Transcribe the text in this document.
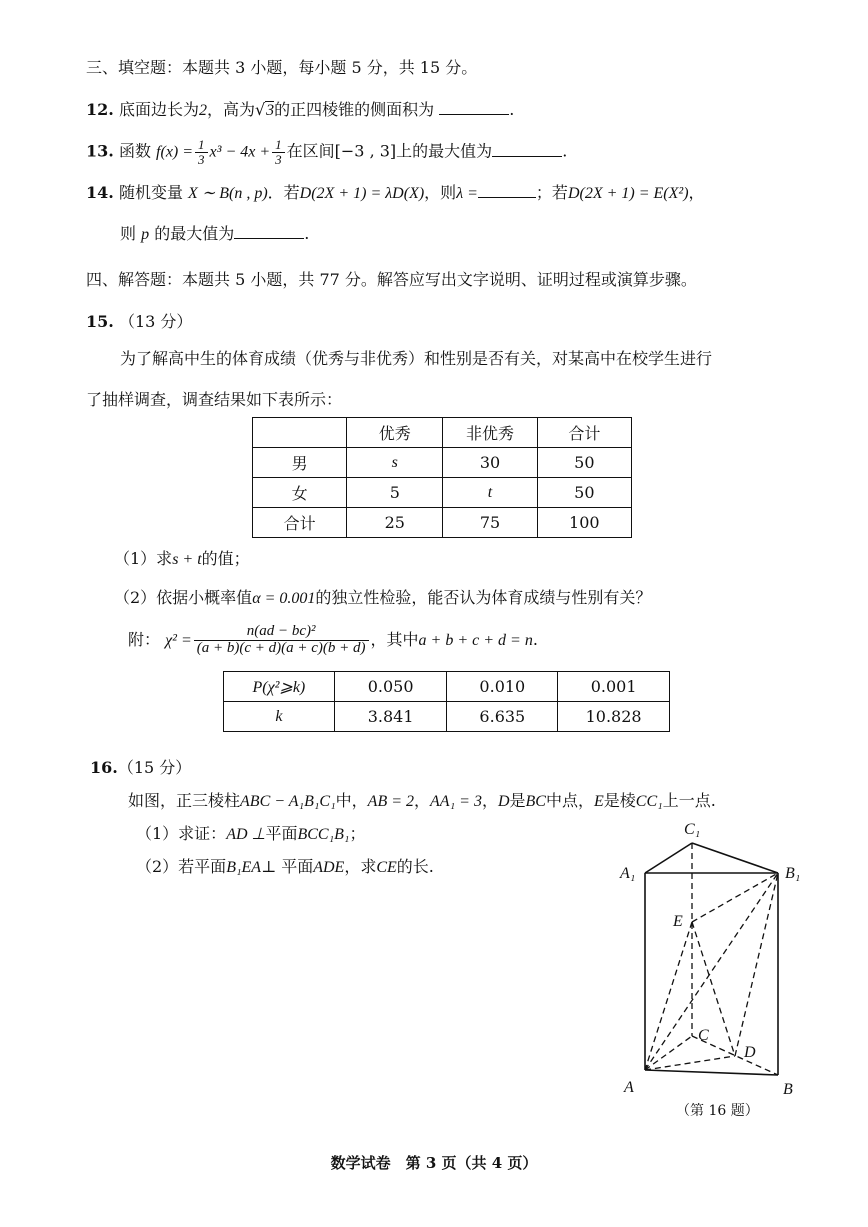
三、填空题：本题共 3 小题，每小题 5 分，共 15 分。
12. 底面边长为2，高为√3的正四棱锥的侧面积为	.
13. 函数 $f(x) = \frac{1}{3} x^3 - 4x + \frac{1}{3}$ 在区间[−3 , 3]上的最大值为	.
14. 随机变量 X ∼ B(n , p)．若D(2X + 1) = λD(X)，则λ =	；若D(2X + 1) = E(X²)，
则 p 的最大值为	.
四、解答题：本题共 5 小题，共 77 分。解答应写出文字说明、证明过程或演算步骤。
15. （13 分）
为了解高中生的体育成绩（优秀与非优秀）和性别是否有关，对某高中在校学生进行
了抽样调查，调查结果如下表所示：
	优秀	非优秀	合计
男	s	30	50
女	5	t	50
合计	25	75	100
（1）求s + t的值；
（2）依据小概率值α = 0.001的独立性检验，能否认为体育成绩与性别有关？
附： $\chi^2 = \frac{\text{n(ad − bc)²}}{(a + b)(c + d)(a + c)(b + d)}$ ，其中a + b + c + d = n.
P(χ²⩾k)	0.050	0.010	0.001
k	3.841	6.635	10.828
16.（15 分）
如图，正三棱柱ABC − A₁B₁C₁中，AB = 2，AA₁ = 3，D是BC中点，E是棱CC₁上一点.
（1）求证：AD ⊥平面BCC₁B₁；
（2）若平面B₁EA⊥ 平面ADE，求CE的长.
C₁
A₁	B₁
E
C
D
A	B
（第 16 题）
数学试卷　第 3 页（共 4 页）
